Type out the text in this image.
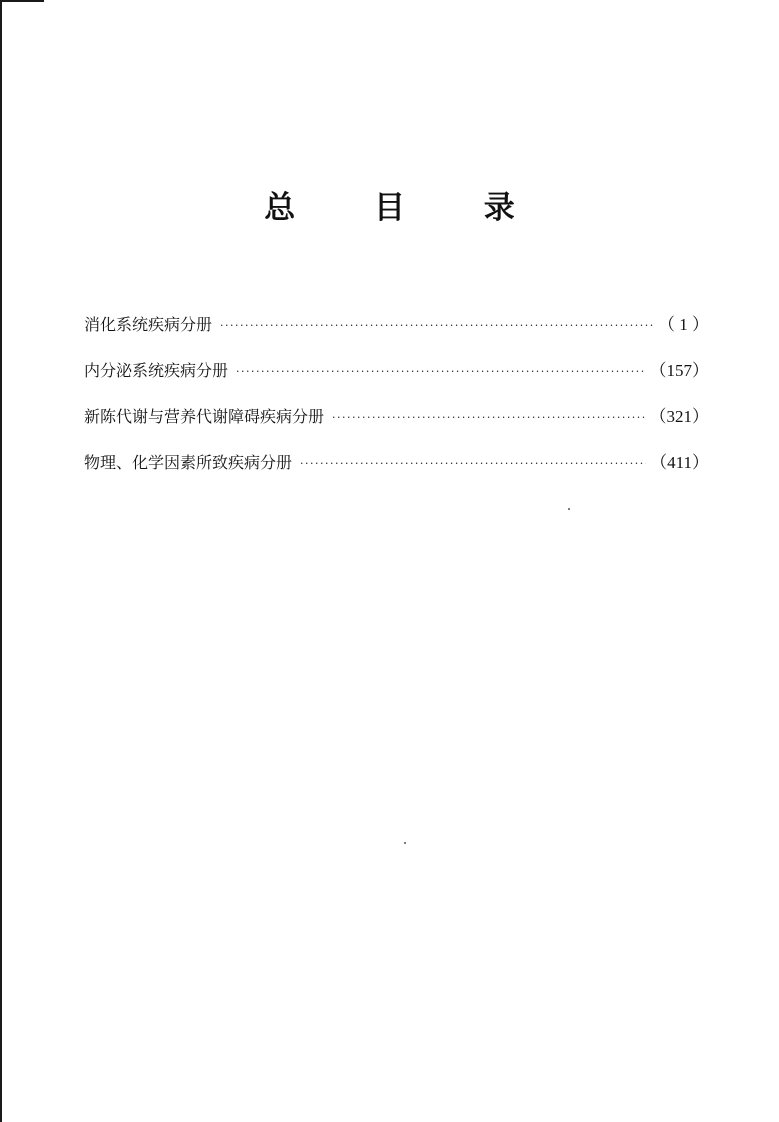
总 目 录
消化系统疾病分册 ·····	（ 1 ）
内分泌系统疾病分册 ·····	（157）
新陈代谢与营养代谢障碍疾病分册 ·····	（321）
物理、化学因素所致疾病分册 ·····	（411）
